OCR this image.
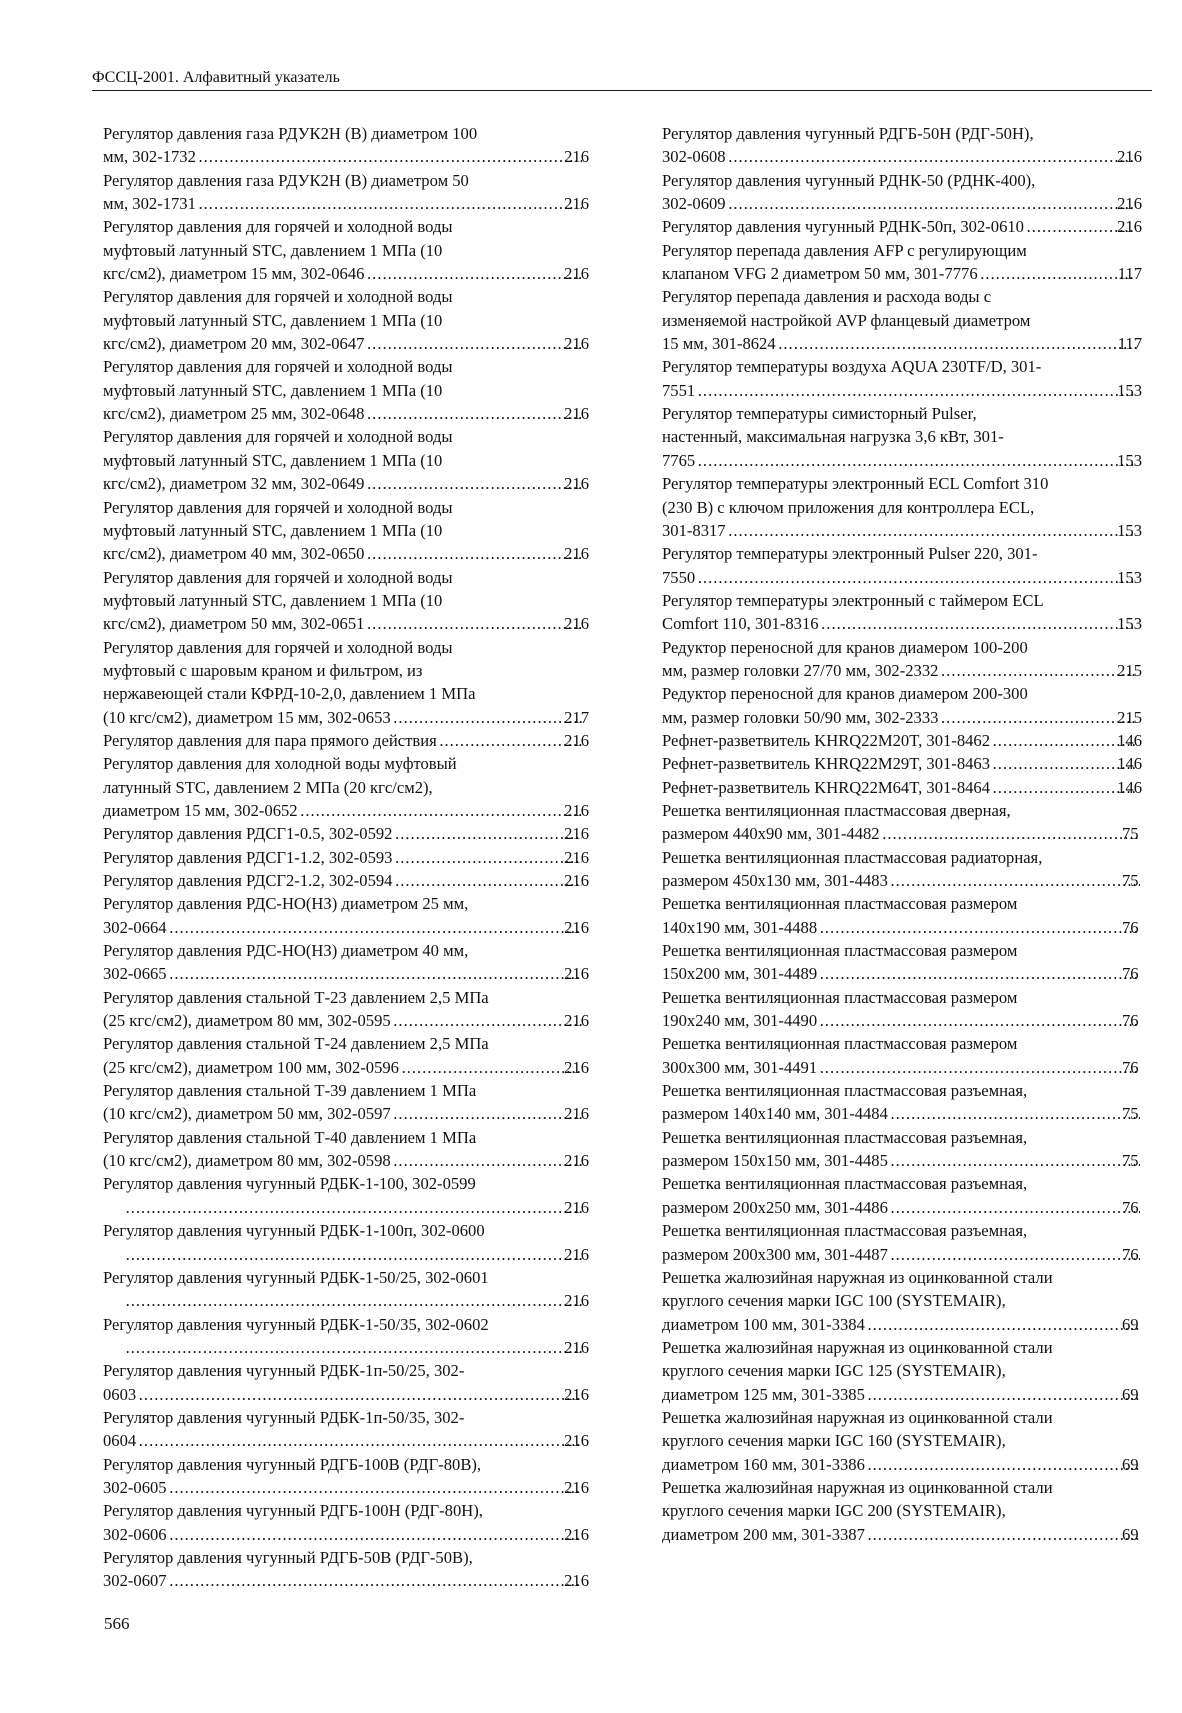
ФССЦ-2001. Алфавитный указатель
Регулятор давления газа РДУК2Н (В) диаметром 100
мм, 302-1732 .....	216
Регулятор давления газа РДУК2Н (В) диаметром 50
мм, 302-1731 .....	216
Регулятор давления для горячей и холодной воды
муфтовый латунный STC, давлением 1 МПа (10
кгс/см2), диаметром 15 мм, 302-0646 .....	216
Регулятор давления для горячей и холодной воды
муфтовый латунный STC, давлением 1 МПа (10
кгс/см2), диаметром 20 мм, 302-0647 .....	216
Регулятор давления для горячей и холодной воды
муфтовый латунный STC, давлением 1 МПа (10
кгс/см2), диаметром 25 мм, 302-0648 .....	216
Регулятор давления для горячей и холодной воды
муфтовый латунный STC, давлением 1 МПа (10
кгс/см2), диаметром 32 мм, 302-0649 .....	216
Регулятор давления для горячей и холодной воды
муфтовый латунный STC, давлением 1 МПа (10
кгс/см2), диаметром 40 мм, 302-0650 .....	216
Регулятор давления для горячей и холодной воды
муфтовый латунный STC, давлением 1 МПа (10
кгс/см2), диаметром 50 мм, 302-0651 .....	216
Регулятор давления для горячей и холодной воды
муфтовый с шаровым краном и фильтром, из
нержавеющей стали КФРД-10-2,0, давлением 1 МПа
(10 кгс/см2), диаметром 15 мм, 302-0653 .....	217
Регулятор давления для пара прямого действия .....	216
Регулятор давления для холодной воды муфтовый
латунный STC, давлением 2 МПа (20 кгс/см2),
диаметром 15 мм, 302-0652 .....	216
Регулятор давления РДСГ1-0.5, 302-0592 .....	216
Регулятор давления РДСГ1-1.2, 302-0593 .....	216
Регулятор давления РДСГ2-1.2, 302-0594 .....	216
Регулятор давления РДС-НО(НЗ) диаметром 25 мм,
302-0664 .....	216
Регулятор давления РДС-НО(НЗ) диаметром 40 мм,
302-0665 .....	216
Регулятор давления стальной Т-23 давлением 2,5 МПа
(25 кгс/см2), диаметром 80 мм, 302-0595 .....	216
Регулятор давления стальной Т-24 давлением 2,5 МПа
(25 кгс/см2), диаметром 100 мм, 302-0596 .....	216
Регулятор давления стальной Т-39 давлением 1 МПа
(10 кгс/см2), диаметром 50 мм, 302-0597 .....	216
Регулятор давления стальной Т-40 давлением 1 МПа
(10 кгс/см2), диаметром 80 мм, 302-0598 .....	216
Регулятор давления чугунный РДБК-1-100, 302-0599
.....
216
Регулятор давления чугунный РДБК-1-100п, 302-0600
.....
216
Регулятор давления чугунный РДБК-1-50/25, 302-0601
.....
216
Регулятор давления чугунный РДБК-1-50/35, 302-0602
.....
216
Регулятор давления чугунный РДБК-1п-50/25, 302-
0603 .....	216
Регулятор давления чугунный РДБК-1п-50/35, 302-
0604 .....	216
Регулятор давления чугунный РДГБ-100В (РДГ-80В),
302-0605 .....	216
Регулятор давления чугунный РДГБ-100Н (РДГ-80Н),
302-0606 .....	216
Регулятор давления чугунный РДГБ-50В (РДГ-50В),
302-0607 .....	216
Регулятор давления чугунный РДГБ-50Н (РДГ-50Н),
302-0608 .....	216
Регулятор давления чугунный РДНК-50 (РДНК-400),
302-0609 .....	216
Регулятор давления чугунный РДНК-50п, 302-0610 .....	216
Регулятор перепада давления AFP с регулирующим
клапаном VFG 2 диаметром 50 мм, 301-7776 .....	117
Регулятор перепада давления и расхода воды с
изменяемой настройкой AVP фланцевый диаметром
15 мм, 301-8624 .....	117
Регулятор температуры воздуха AQUA 230TF/D, 301-
7551 .....	153
Регулятор температуры симисторный Pulser,
настенный, максимальная нагрузка 3,6 кВт, 301-
7765 .....	153
Регулятор температуры электронный ECL Comfort 310
(230 В) с ключом приложения для контроллера ECL,
301-8317 .....	153
Регулятор температуры электронный Pulser 220, 301-
7550 .....	153
Регулятор температуры электронный с таймером ECL
Comfort 110, 301-8316 .....	153
Редуктор переносной для кранов диамером 100-200
мм, размер головки 27/70 мм, 302-2332 .....	215
Редуктор переносной для кранов диамером 200-300
мм, размер головки 50/90 мм, 302-2333 .....	215
Рефнет-разветвитель KHRQ22M20T, 301-8462 .....	146
Рефнет-разветвитель KHRQ22M29T, 301-8463 .....	146
Рефнет-разветвитель KHRQ22M64T, 301-8464 .....	146
Решетка вентиляционная пластмассовая дверная,
размером 440х90 мм, 301-4482 .....	75
Решетка вентиляционная пластмассовая радиаторная,
размером 450х130 мм, 301-4483 .....	75
Решетка вентиляционная пластмассовая размером
140х190 мм, 301-4488 .....	76
Решетка вентиляционная пластмассовая размером
150х200 мм, 301-4489 .....	76
Решетка вентиляционная пластмассовая размером
190х240 мм, 301-4490 .....	76
Решетка вентиляционная пластмассовая размером
300х300 мм, 301-4491 .....	76
Решетка вентиляционная пластмассовая разъемная,
размером 140х140 мм, 301-4484 .....	75
Решетка вентиляционная пластмассовая разъемная,
размером 150х150 мм, 301-4485 .....	75
Решетка вентиляционная пластмассовая разъемная,
размером 200х250 мм, 301-4486 .....	76
Решетка вентиляционная пластмассовая разъемная,
размером 200х300 мм, 301-4487 .....	76
Решетка жалюзийная наружная из оцинкованной стали
круглого сечения марки IGC 100 (SYSTEMAIR),
диаметром 100 мм, 301-3384 .....	69
Решетка жалюзийная наружная из оцинкованной стали
круглого сечения марки IGC 125 (SYSTEMAIR),
диаметром 125 мм, 301-3385 .....	69
Решетка жалюзийная наружная из оцинкованной стали
круглого сечения марки IGC 160 (SYSTEMAIR),
диаметром 160 мм, 301-3386 .....	69
Решетка жалюзийная наружная из оцинкованной стали
круглого сечения марки IGC 200 (SYSTEMAIR),
диаметром 200 мм, 301-3387 .....	69
566
